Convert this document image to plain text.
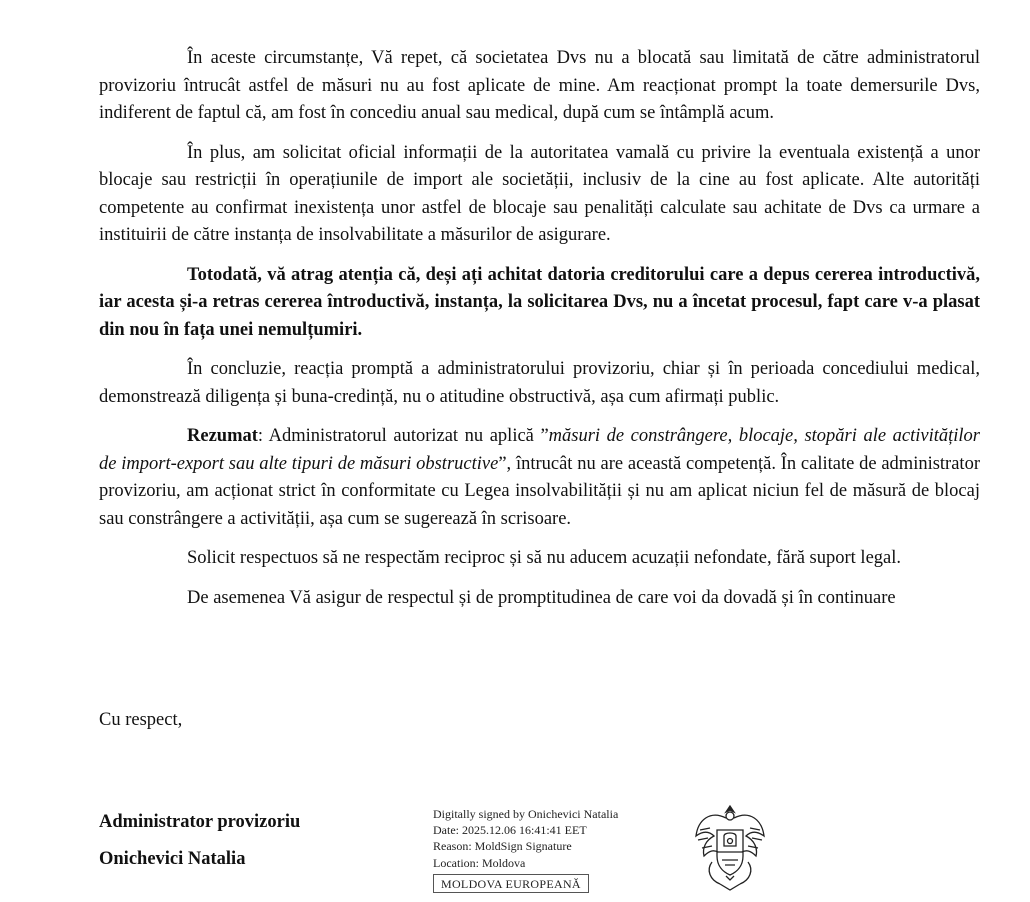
În aceste circumstanțe, Vă repet, că societatea Dvs nu a blocată sau limitată de către administratorul provizoriu întrucât astfel de măsuri nu au fost aplicate de mine. Am reacționat prompt la toate demersurile Dvs, indiferent de faptul că, am fost în concediu anual sau medical, după cum se întâmplă acum.

În plus, am solicitat oficial informații de la autoritatea vamală cu privire la eventuala existență a unor blocaje sau restricții în operațiunile de import ale societății, inclusiv de la cine au fost aplicate. Alte autorități competente au confirmat inexistența unor astfel de blocaje sau penalități calculate sau achitate de Dvs ca urmare a instituirii de către instanța de insolvabilitate a măsurilor de asigurare.

Totodată, vă atrag atenția că, deși ați achitat datoria creditorului care a depus cererea introductivă, iar acesta și-a retras cererea întroductivă, instanța, la solicitarea Dvs, nu a încetat procesul, fapt care v-a plasat din nou în fața unei nemulțumiri.

În concluzie, reacția promptă a administratorului provizoriu, chiar și în perioada concediului medical, demonstrează diligența și buna-credință, nu o atitudine obstructivă, așa cum afirmați public.

Rezumat: Administratorul autorizat nu aplică ”măsuri de constrângere, blocaje, stopări ale activităților de import-export sau alte tipuri de măsuri obstructive”, întrucât nu are această competență. În calitate de administrator provizoriu, am acționat strict în conformitate cu Legea insolvabilității și nu am aplicat niciun fel de măsură de blocaj sau constrângere a activității, așa cum se sugerează în scrisoare.

Solicit respectuos să ne respectăm reciproc și să nu aducem acuzații nefondate, fără suport legal.

De asemenea Vă asigur de respectul și de promptitudinea de care voi da dovadă și în continuare

Cu respect,
Administrator provizoriu
Onichevici Natalia
Digitally signed by Onichevici Natalia
Date: 2025.12.06 16:41:41 EET
Reason: MoldSign Signature
Location: Moldova
MOLDOVA EUROPEANĂ
